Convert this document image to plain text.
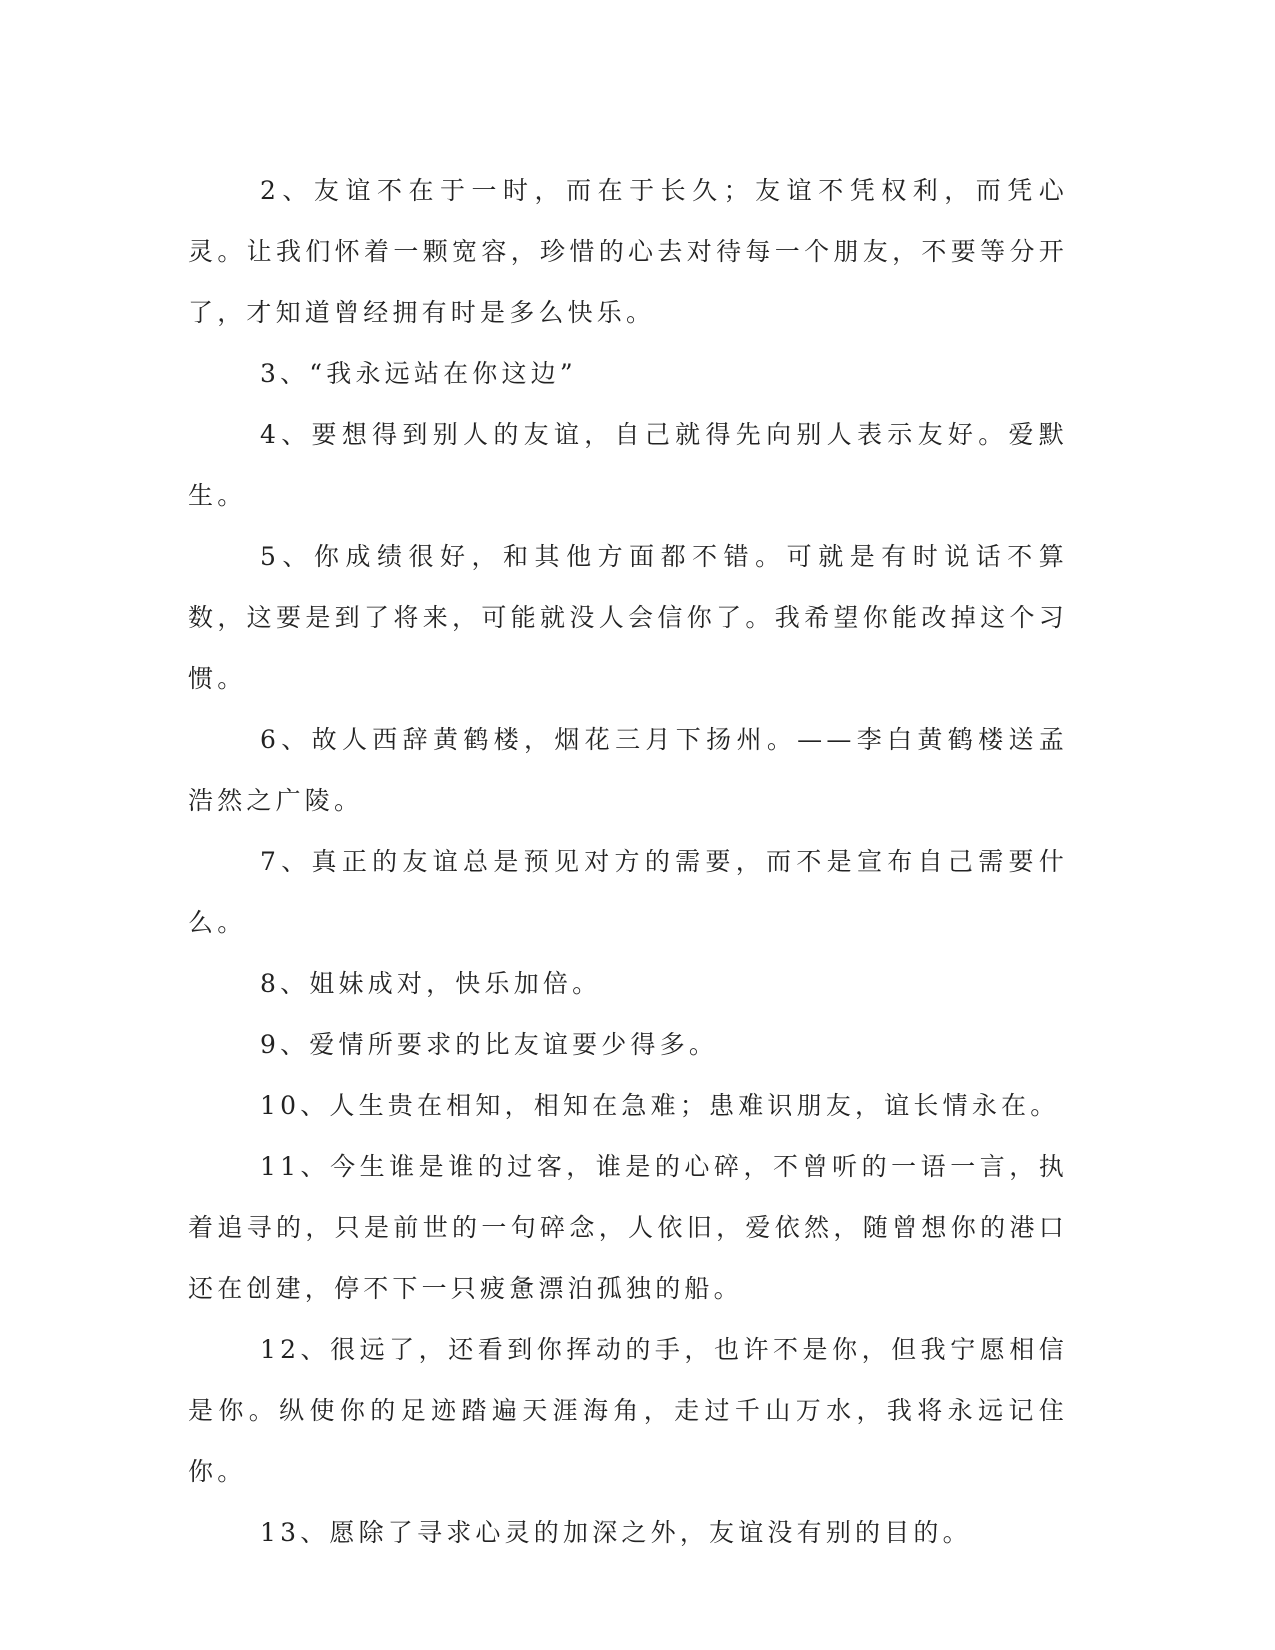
2、友谊不在于一时，而在于长久；友谊不凭权利，而凭心灵。让我们怀着一颗宽容，珍惜的心去对待每一个朋友，不要等分开了，才知道曾经拥有时是多么快乐。

3、“我永远站在你这边”

4、要想得到别人的友谊，自己就得先向别人表示友好。爱默生。

5、你成绩很好，和其他方面都不错。可就是有时说话不算数，这要是到了将来，可能就没人会信你了。我希望你能改掉这个习惯。

6、故人西辞黄鹤楼，烟花三月下扬州。——李白黄鹤楼送孟浩然之广陵。

7、真正的友谊总是预见对方的需要，而不是宣布自己需要什么。

8、姐妹成对，快乐加倍。

9、爱情所要求的比友谊要少得多。

10、人生贵在相知，相知在急难；患难识朋友，谊长情永在。

11、今生谁是谁的过客，谁是的心碎，不曾听的一语一言，执着追寻的，只是前世的一句碎念，人依旧，爱依然，随曾想你的港口还在创建，停不下一只疲惫漂泊孤独的船。

12、很远了，还看到你挥动的手，也许不是你，但我宁愿相信是你。纵使你的足迹踏遍天涯海角，走过千山万水，我将永远记住你。

13、愿除了寻求心灵的加深之外，友谊没有别的目的。
